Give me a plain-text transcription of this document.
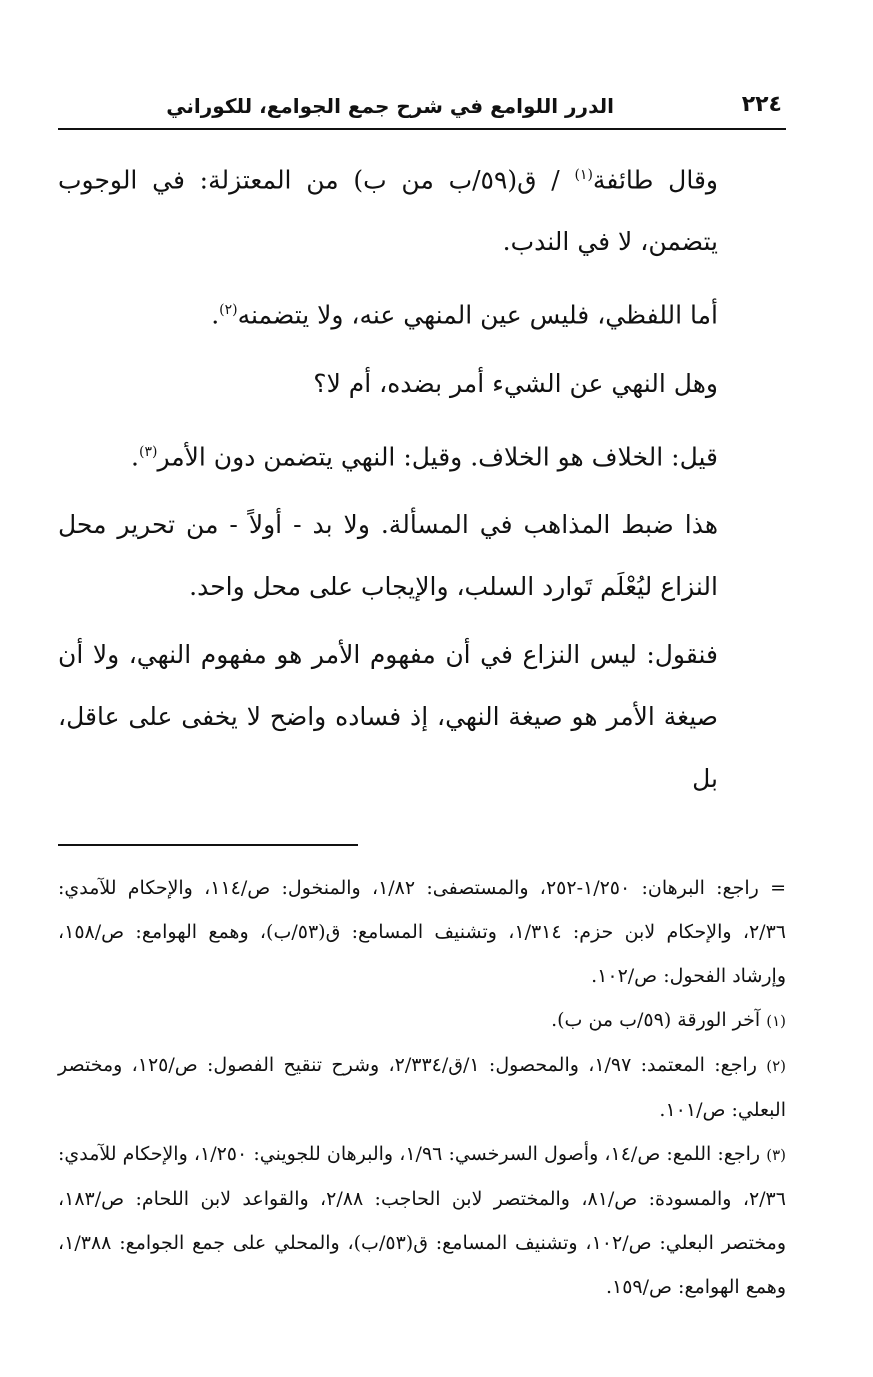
٢٢٤
الدرر اللوامع في شرح جمع الجوامع، للكوراني

وقال طائفة$^{(١)}$ / ق(٥٩/ب من ب) من المعتزلة: في الوجوب يتضمن، لا في الندب.

أما اللفظي، فليس عين المنهي عنه، ولا يتضمنه$^{(٢)}$.

وهل النهي عن الشيء أمر بضده، أم لا؟

قيل: الخلاف هو الخلاف. وقيل: النهي يتضمن دون الأمر$^{(٣)}$.

هذا ضبط المذاهب في المسألة. ولا بد - أولاً - من تحرير محل النزاع ليُعْلَم تَوارد السلب، والإيجاب على محل واحد.

فنقول: ليس النزاع في أن مفهوم الأمر هو مفهوم النهي، ولا أن صيغة الأمر هو صيغة النهي، إذ فساده واضح لا يخفى على عاقل، بل

= راجع: البرهان: ١/٢٥٠-٢٥٢، والمستصفى: ١/٨٢، والمنخول: ص/١١٤، والإحكام للآمدي: ٢/٣٦، والإحكام لابن حزم: ١/٣١٤، وتشنيف المسامع: ق(٥٣/ب)، وهمع الهوامع: ص/١٥٨، وإرشاد الفحول: ص/١٠٢.

(١) آخر الورقة (٥٩/ب من ب).

(٢) راجع: المعتمد: ١/٩٧، والمحصول: ١/ق/٢/٣٣٤، وشرح تنقيح الفصول: ص/١٢٥، ومختصر البعلي: ص/١٠١.

(٣) راجع: اللمع: ص/١٤، وأصول السرخسي: ١/٩٦، والبرهان للجويني: ١/٢٥٠، والإحكام للآمدي: ٢/٣٦، والمسودة: ص/٨١، والمختصر لابن الحاجب: ٢/٨٨، والقواعد لابن اللحام: ص/١٨٣، ومختصر البعلي: ص/١٠٢، وتشنيف المسامع: ق(٥٣/ب)، والمحلي على جمع الجوامع: ١/٣٨٨، وهمع الهوامع: ص/١٥٩.
